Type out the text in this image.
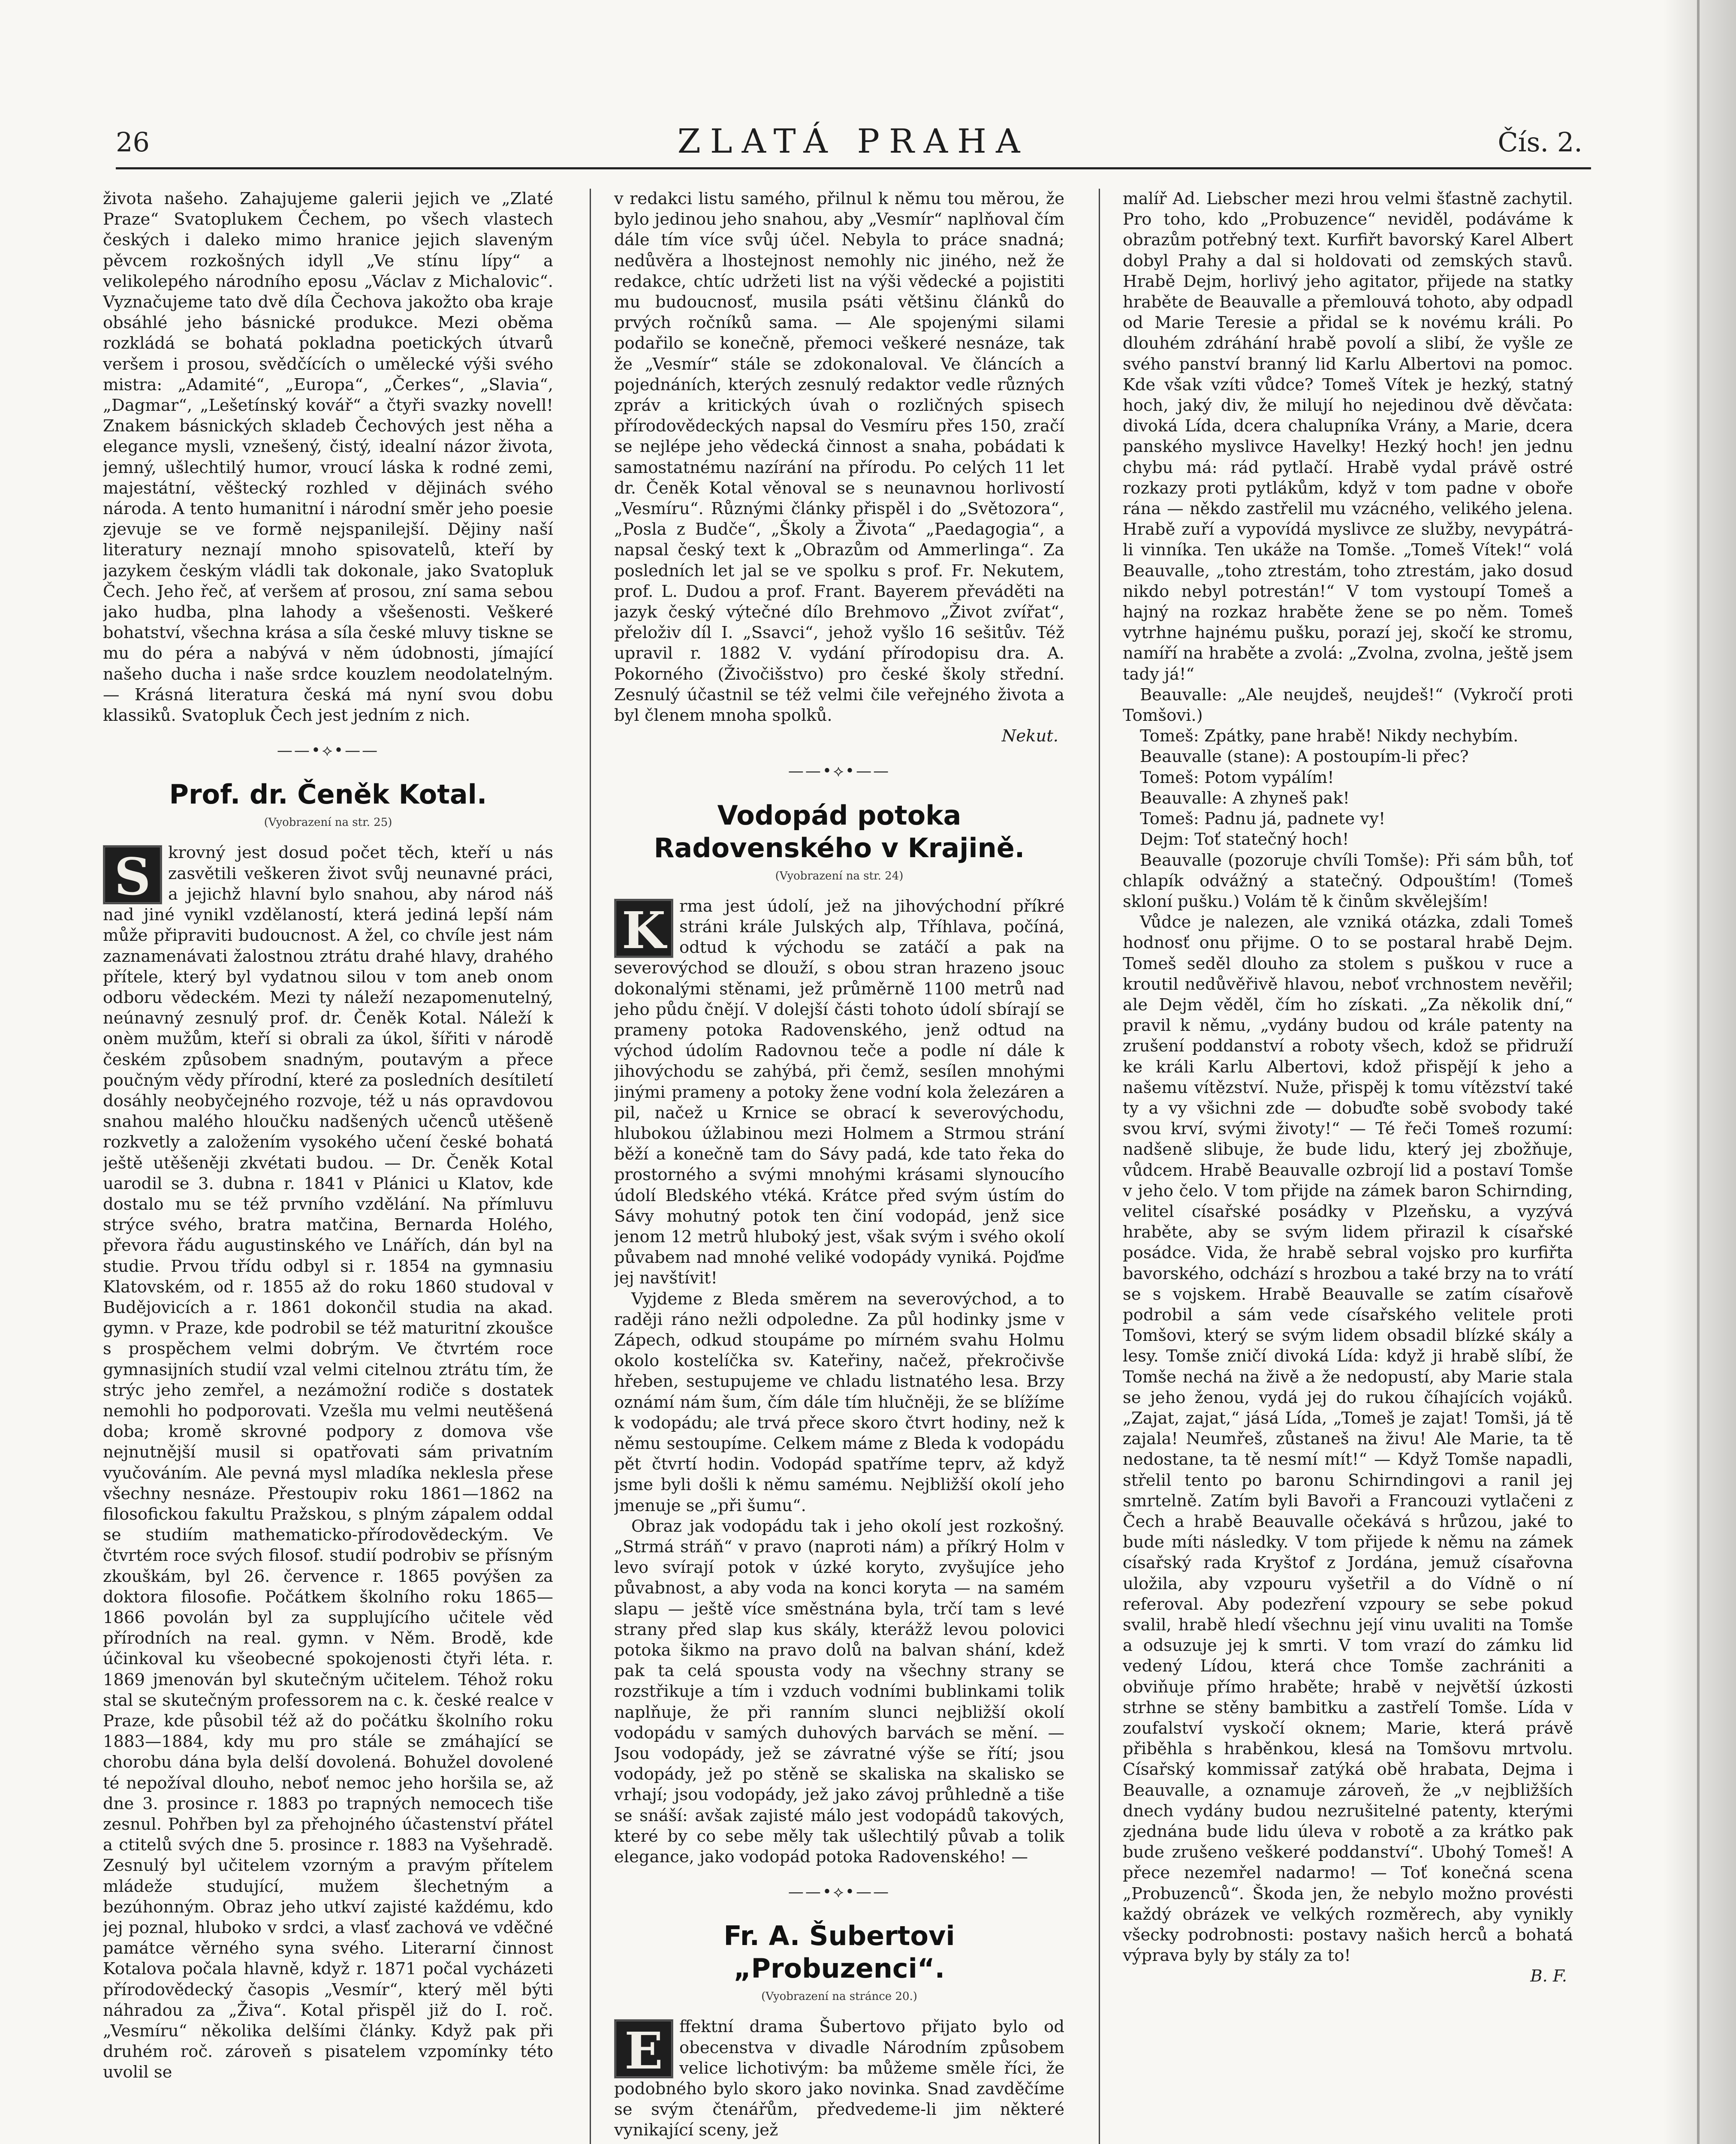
26	ZLATÁ PRAHA	Čís. 2.

života našeho. Zahajujeme galerii jejich ve „Zlaté Praze“ Svatoplukem Čechem, po všech vlastech českých i daleko mimo hranice jejich slaveným pěvcem rozkošných idyll „Ve stínu lípy“ a velikolepého národního eposu „Václav z Michalovic“. Vyznačujeme tato dvě díla Čechova jakožto oba kraje obsáhlé jeho básnické produkce. Mezi oběma rozkládá se bohatá pokladna poetických útvarů veršem i prosou, svědčících o umělecké výši svého mistra: „Adamité“, „Europa“, „Čerkes“, „Slavia“, „Dagmar“, „Lešetínský kovář“ a čtyři svazky novell! Znakem básnických skladeb Čechových jest něha a elegance mysli, vznešený, čistý, idealní názor života, jemný, ušlechtilý humor, vroucí láska k rodné zemi, majestátní, věštecký rozhled v dějinách svého národa. A tento humanitní i národní směr jeho poesie zjevuje se ve formě nejspanilejší. Dějiny naší literatury neznají mnoho spisovatelů, kteří by jazykem českým vládli tak dokonale, jako Svatopluk Čech. Jeho řeč, ať veršem ať prosou, zní sama sebou jako hudba, plna lahody a všešenosti. Veškeré bohatství, všechna krása a síla české mluvy tiskne se mu do péra a nabývá v něm údobnosti, jímající našeho ducha i naše srdce kouzlem neodolatelným. — Krásná literatura česká má nyní svou dobu klassiků. Svatopluk Čech jest jedním z nich.

——•⟡•——
Prof. dr. Čeněk Kotal.
(Vyobrazení na str. 25)

S	krovný jest dosud počet těch, kteří u nás zasvětili veškeren život svůj neunavné práci, a jejichž hlavní bylo snahou, aby národ náš nad jiné vynikl vzdělaností, která jediná lepší nám může připraviti budoucnost. A žel, co chvíle jest nám zaznamenávati žalostnou ztrátu drahé hlavy, drahého přítele, který byl vydatnou silou v tom aneb onom odboru vědeckém. Mezi ty náleží nezapomenutelný, neúnavný zesnulý prof. dr. Čeněk Kotal. Náleží k onèm mužům, kteří si obrali za úkol, šířiti v národě českém způsobem snadným, poutavým a přece poučným vědy přírodní, které za posledních desítiletí dosáhly neobyčejného rozvoje, též u nás opravdovou snahou malého hloučku nadšených učenců utěšeně rozkvetly a založením vysokého učení české bohatá ještě utěšeněji zkvétati budou. — Dr. Čeněk Kotal uarodil se 3. dubna r. 1841 v Plánici u Klatov, kde dostalo mu se též prvního vzdělání. Na přímluvu strýce svého, bratra matčina, Bernarda Holého, převora řádu augustinského ve Lnářích, dán byl na studie. Prvou třídu odbyl si r. 1854 na gymnasiu Klatovském, od r. 1855 až do roku 1860 studoval v Budějovicích a r. 1861 dokončil studia na akad. gymn. v Praze, kde podrobil se též maturitní zkoušce s prospěchem velmi dobrým. Ve čtvrtém roce gymnasijních studií vzal velmi citelnou ztrátu tím, že strýc jeho zemřel, a nezámožní rodiče s dostatek nemohli ho podporovati. Vzešla mu velmi neutěšená doba; kromě skrovné podpory z domova vše nejnutnější musil si opatřovati sám privatním vyučováním. Ale pevná mysl mladíka neklesla přese všechny nesnáze. Přestoupiv roku 1861—1862 na filosofickou fakultu Pražskou, s plným zápalem oddal se studiím mathematicko-přírodovědeckým. Ve čtvrtém roce svých filosof. studií podrobiv se přísným zkouškám, byl 26. července r. 1865 povýšen za doktora filosofie. Počátkem školního roku 1865—1866 povolán byl za supplujícího učitele věd přírodních na real. gymn. v Něm. Brodě, kde účinkoval ku všeobecné spokojenosti čtyři léta. r. 1869 jmenován byl skutečným učitelem. Téhož roku stal se skutečným professorem na c. k. české realce v Praze, kde působil též až do počátku školního roku 1883—1884, kdy mu pro stále se zmáhající se chorobu dána byla delší dovolená. Bohužel dovolené té nepožíval dlouho, neboť nemoc jeho horšila se, až dne 3. prosince r. 1883 po trapných nemocech tiše zesnul. Pohřben byl za přehojného účastenství přátel a ctitelů svých dne 5. prosince r. 1883 na Vyšehradě. Zesnulý byl učitelem vzorným a pravým přítelem mládeže studující, mužem šlechetným a bezúhonným. Obraz jeho utkví zajisté každému, kdo jej poznal, hluboko v srdci, a vlasť zachová ve vděčné památce věrného syna svého. Literarní činnost Kotalova počala hlavně, když r. 1871 počal vycházeti přírodovědecký časopis „Vesmír“, který měl býti náhradou za „Živa“. Kotal přispěl již do I. roč. „Vesmíru“ několika delšími články. Když pak při druhém roč. zároveň s pisatelem vzpomínky této uvolil se

v redakci listu samého, přilnul k němu tou měrou, že bylo jedinou jeho snahou, aby „Vesmír“ naplňoval čím dále tím více svůj účel. Nebyla to práce snadná; nedůvěra a lhostejnost nemohly nic jiného, než že redakce, chtíc udržeti list na výši vědecké a pojistiti mu budoucnosť, musila psáti většinu článků do prvých ročníků sama. — Ale spojenými silami podařilo se konečně, přemoci veškeré nesnáze, tak že „Vesmír“ stále se zdokonaloval. Ve článcích a pojednáních, kterých zesnulý redaktor vedle různých zpráv a kritických úvah o rozličných spisech přírodovědeckých napsal do Vesmíru přes 150, zračí se nejlépe jeho vědecká činnost a snaha, pobádati k samostatnému nazírání na přírodu. Po celých 11 let dr. Čeněk Kotal věnoval se s neunavnou horlivostí „Vesmíru“. Různými články přispěl i do „Světozora“, „Posla z Budče“, „Školy a Života“ „Paedagogia“, a napsal český text k „Obrazům od Ammerlinga“. Za posledních let jal se ve spolku s prof. Fr. Nekutem, prof. L. Dudou a prof. Frant. Bayerem převáděti na jazyk český výtečné dílo Brehmovo „Život zvířat“, přeloživ díl I. „Ssavci“, jehož vyšlo 16 sešitův. Též upravil r. 1882 V. vydání přírodopisu dra. A. Pokorného (Živočišstvo) pro české školy střední. Zesnulý účastnil se též velmi čile veřejného života a byl členem mnoha spolků.

Nekut.

——•⟡•——
Vodopád potoka Radovenského v Krajině.
(Vyobrazení na str. 24)

K rma jest údolí, jež na jihovýchodní příkré stráni krále Julských alp, Tříhlava, počíná, odtud k východu se zatáčí a pak na severovýchod se dlouží, s obou stran hrazeno jsouc dokonalými stěnami, jež průměrně 1100 metrů nad jeho půdu čnějí. V dolejší části tohoto údolí sbírají se prameny potoka Radovenského, jenž odtud na východ údolím Radovnou teče a podle ní dále k jihovýchodu se zahýbá, při čemž, sesílen mnohými jinými prameny a potoky žene vodní kola železáren a pil, načež u Krnice se obrací k severovýchodu, hlubokou úžlabinou mezi Holmem a Strmou strání běží a konečně tam do Sávy padá, kde tato řeka do prostorného a svými mnohými krásami slynoucího údolí Bledského vtéká. Krátce před svým ústím do Sávy mohutný potok ten činí vodopád, jenž sice jenom 12 metrů hluboký jest, však svým i svého okolí půvabem nad mnohé veliké vodopády vyniká. Pojďme jej navštívit!

Vyjdeme z Bleda směrem na severovýchod, a to raději ráno nežli odpoledne. Za půl hodinky jsme v Zápech, odkud stoupáme po mírném svahu Holmu okolo kostelíčka sv. Kateřiny, načež, překročivše hřeben, sestupujeme ve chladu listnatého lesa. Brzy oznámí nám šum, čím dále tím hlučněji, že se blížíme k vodopádu; ale trvá přece skoro čtvrt hodiny, než k němu sestoupíme. Celkem máme z Bleda k vodopádu pět čtvrtí hodin. Vodopád spatříme teprv, až když jsme byli došli k němu samému. Nejbližší okolí jeho jmenuje se „při šumu“.

Obraz jak vodopádu tak i jeho okolí jest rozkošný. „Strmá stráň“ v pravo (naproti nám) a příkrý Holm v levo svírají potok v úzké koryto, zvyšujíce jeho půvabnost, a aby voda na konci koryta — na samém slapu — ještě více směstnána byla, trčí tam s levé strany před slap kus skály, kterážž levou polovici potoka šikmo na pravo dolů na balvan shání, kdež pak ta celá spousta vody na všechny strany se rozstřikuje a tím i vzduch vodními bublinkami tolik naplňuje, že při ranním slunci nejbližší okolí vodopádu v samých duhových barvách se mění. — Jsou vodopády, jež se závratné výše se řítí; jsou vodopády, jež po stěně se skaliska na skalisko se vrhají; jsou vodopády, jež jako závoj průhledně a tiše se snáší: avšak zajisté málo jest vodopádů takových, které by co sebe měly tak ušlechtilý půvab a tolik elegance, jako vodopád potoka Radovenského! —

——•⟡•——
Fr. A. Šubertovi „Probuzenci“.
(Vyobrazení na stránce 20.)

E ffektní drama Šubertovo přijato bylo od obecenstva v divadle Národním způsobem velice lichotivým: ba můžeme směle říci, že podobného bylo skoro jako novinka. Snad zavděčíme se svým čtenářům, předvedeme-li jim některé vynikající sceny, jež

malíř Ad. Liebscher mezi hrou velmi šťastně zachytil. Pro toho, kdo „Probuzence“ neviděl, podáváme k obrazům potřebný text. Kurfiřt bavorský Karel Albert dobyl Prahy a dal si holdovati od zemských stavů. Hrabě Dejm, horlivý jeho agitator, přijede na statky hraběte de Beauvalle a přemlouvá tohoto, aby odpadl od Marie Teresie a přidal se k novému králi. Po dlouhém zdráhání hrabě povolí a slibí, že vyšle ze svého panství branný lid Karlu Albertovi na pomoc. Kde však vzíti vůdce? Tomeš Vítek je hezký, statný hoch, jaký div, že milují ho nejedinou dvě děvčata: divoká Lída, dcera chalupníka Vrány, a Marie, dcera panského myslivce Havelky! Hezký hoch! jen jednu chybu má: rád pytlačí. Hrabě vydal právě ostré rozkazy proti pytlákům, když v tom padne v oboře rána — někdo zastřelil mu vzácného, velikého jelena. Hrabě zuří a vypovídá myslivce ze služby, nevypátrá-li vinníka. Ten ukáže na Tomše. „Tomeš Vítek!“ volá Beauvalle, „toho ztrestám, toho ztrestám, jako dosud nikdo nebyl potrestán!“ V tom vystoupí Tomeš a hajný na rozkaz hraběte žene se po něm. Tomeš vytrhne hajnému pušku, porazí jej, skočí ke stromu, namíří na hraběte a zvolá: „Zvolna, zvolna, ještě jsem tady já!“

Beauvalle: „Ale neujdeš, neujdeš!“ (Vykročí proti Tomšovi.)

Tomeš: Zpátky, pane hrabě! Nikdy nechybím.

Beauvalle (stane): A postoupím-li přec?

Tomeš: Potom vypálím!

Beauvalle: A zhyneš pak!

Tomeš: Padnu já, padnete vy!

Dejm: Toť statečný hoch!

Beauvalle (pozoruje chvíli Tomše): Při sám bůh, toť chlapík odvážný a statečný. Odpouštím! (Tomeš skloní pušku.) Volám tě k činům skvělejším!

Vůdce je nalezen, ale vzniká otázka, zdali Tomeš hodnosť onu přijme. O to se postaral hrabě Dejm. Tomeš seděl dlouho za stolem s puškou v ruce a kroutil nedůvěřivě hlavou, neboť vrchnostem nevěřil; ale Dejm věděl, čím ho získati. „Za několik dní,“ pravil k němu, „vydány budou od krále patenty na zrušení poddanství a roboty všech, kdož se přidruží ke králi Karlu Albertovi, kdož přispějí k jeho a našemu vítězství. Nuže, přispěj k tomu vítězství také ty a vy všichni zde — dobuďte sobě svobody také svou krví, svými životy!“ — Té řeči Tomeš rozumí: nadšeně slibuje, že bude lidu, který jej zbožňuje, vůdcem. Hrabě Beauvalle ozbrojí lid a postaví Tomše v jeho čelo. V tom přijde na zámek baron Schirnding, velitel císařské posádky v Plzeňsku, a vyzývá hraběte, aby se svým lidem přirazil k císařské posádce. Vida, že hrabě sebral vojsko pro kurfiřta bavorského, odchází s hrozbou a také brzy na to vrátí se s vojskem. Hrabě Beauvalle se zatím císařově podrobil a sám vede císařského velitele proti Tomšovi, který se svým lidem obsadil blízké skály a lesy. Tomše zničí divoká Lída: když ji hrabě slíbí, že Tomše nechá na živě a že nedopustí, aby Marie stala se jeho ženou, vydá jej do rukou číhajících vojáků. „Zajat, zajat,“ jásá Lída, „Tomeš je zajat! Tomši, já tě zajala! Neumřeš, zůstaneš na živu! Ale Marie, ta tě nedostane, ta tě nesmí mít!“ — Když Tomše napadli, střelil tento po baronu Schirndingovi a ranil jej smrtelně. Zatím byli Bavoři a Francouzi vytlačeni z Čech a hrabě Beauvalle očekává s hrůzou, jaké to bude míti následky. V tom přijede k němu na zámek císařský rada Kryštof z Jordána, jemuž císařovna uložila, aby vzpouru vyšetřil a do Vídně o ní referoval. Aby podezření vzpoury se sebe pokud svalil, hrabě hledí všechnu její vinu uvaliti na Tomše a odsuzuje jej k smrti. V tom vrazí do zámku lid vedený Lídou, která chce Tomše zachrániti a obviňuje přímo hraběte; hrabě v největší úzkosti strhne se stěny bambitku a zastřelí Tomše. Lída v zoufalství vyskočí oknem; Marie, která právě přiběhla s hraběnkou, klesá na Tomšovu mrtvolu. Císařský kommissař zatýká obě hrabata, Dejma i Beauvalle, a oznamuje zároveň, že „v nejbližších dnech vydány budou nezrušitelné patenty, kterými zjednána bude lidu úleva v robotě a za krátko pak bude zrušeno veškeré poddanství“. Ubohý Tomeš! A přece nezemřel nadarmo! — Toť konečná scena „Probuzenců“. Škoda jen, že nebylo možno provésti každý obrázek ve velkých rozměrech, aby vynikly všecky podrobnosti: postavy našich herců a bohatá výprava byly by stály za to!

B. F.
